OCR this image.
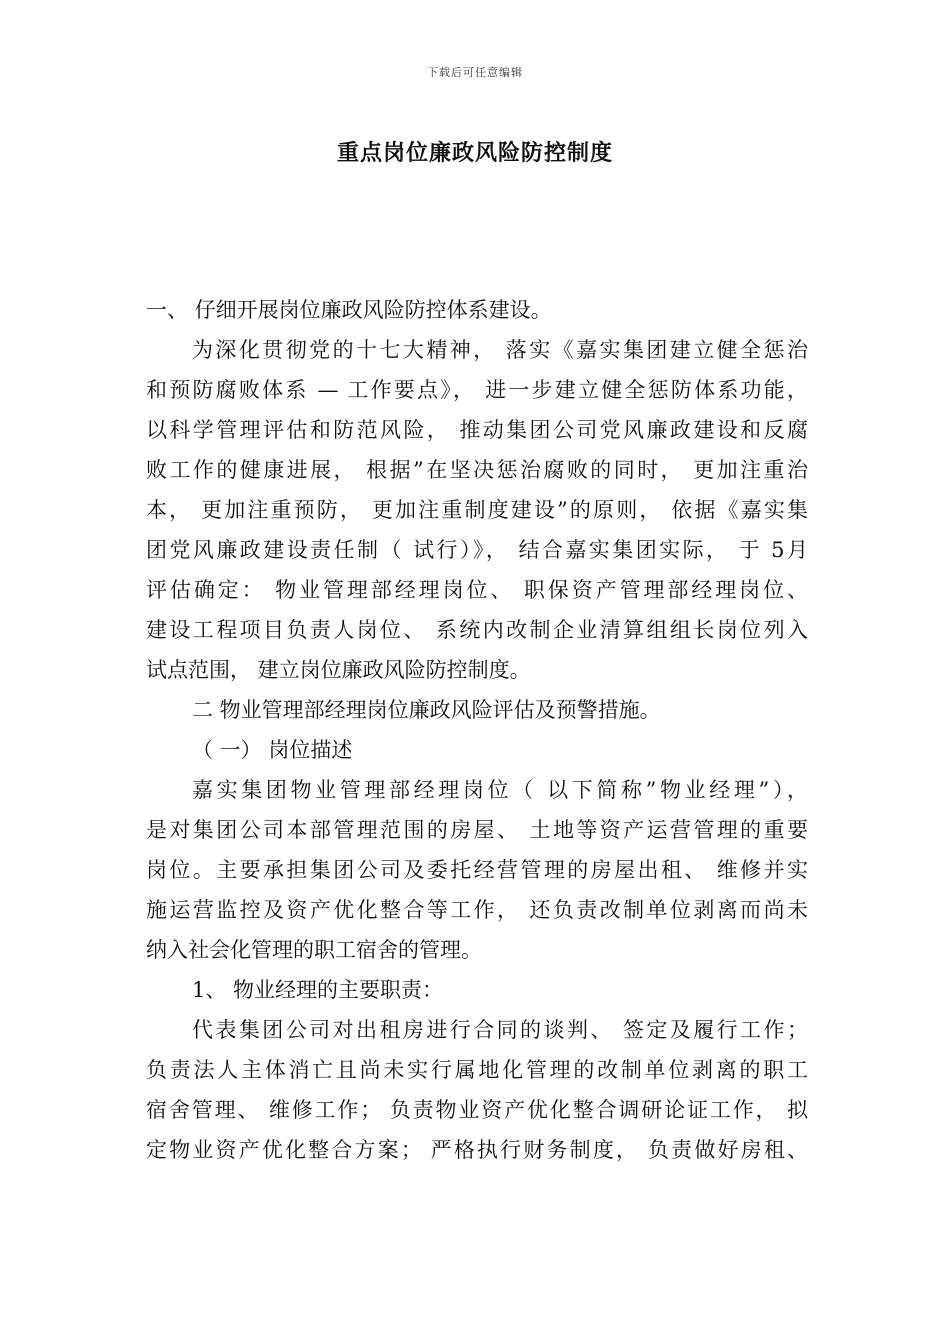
下载后可任意编辑
重点岗位廉政风险防控制度
一、 仔细开展岗位廉政风险防控体系建设。
为深化贯彻党的十七大精神， 落实《嘉实集团建立健全惩治
和预防腐败体系 — 工作要点》， 进一步建立健全惩防体系功能，
以科学管理评估和防范风险， 推动集团公司党风廉政建设和反腐
败工作的健康进展， 根据”在坚决惩治腐败的同时， 更加注重治
本， 更加注重预防， 更加注重制度建设”的原则， 依据《嘉实集
团党风廉政建设责任制（ 试行）》， 结合嘉实集团实际， 于 5月
评估确定： 物业管理部经理岗位、 职保资产管理部经理岗位、
建设工程项目负责人岗位、 系统内改制企业清算组组长岗位列入
试点范围， 建立岗位廉政风险防控制度。
二 物业管理部经理岗位廉政风险评估及预警措施。
（ 一） 岗位描述
嘉实集团物业管理部经理岗位（ 以下简称”物业经理”），
是对集团公司本部管理范围的房屋、 土地等资产运营管理的重要
岗位。主要承担集团公司及委托经营管理的房屋出租、 维修并实
施运营监控及资产优化整合等工作， 还负责改制单位剥离而尚未
纳入社会化管理的职工宿舍的管理。
1、 物业经理的主要职责：
代表集团公司对出租房进行合同的谈判、 签定及履行工作；
负责法人主体消亡且尚未实行属地化管理的改制单位剥离的职工
宿舍管理、 维修工作； 负责物业资产优化整合调研论证工作， 拟
定物业资产优化整合方案； 严格执行财务制度， 负责做好房租、
